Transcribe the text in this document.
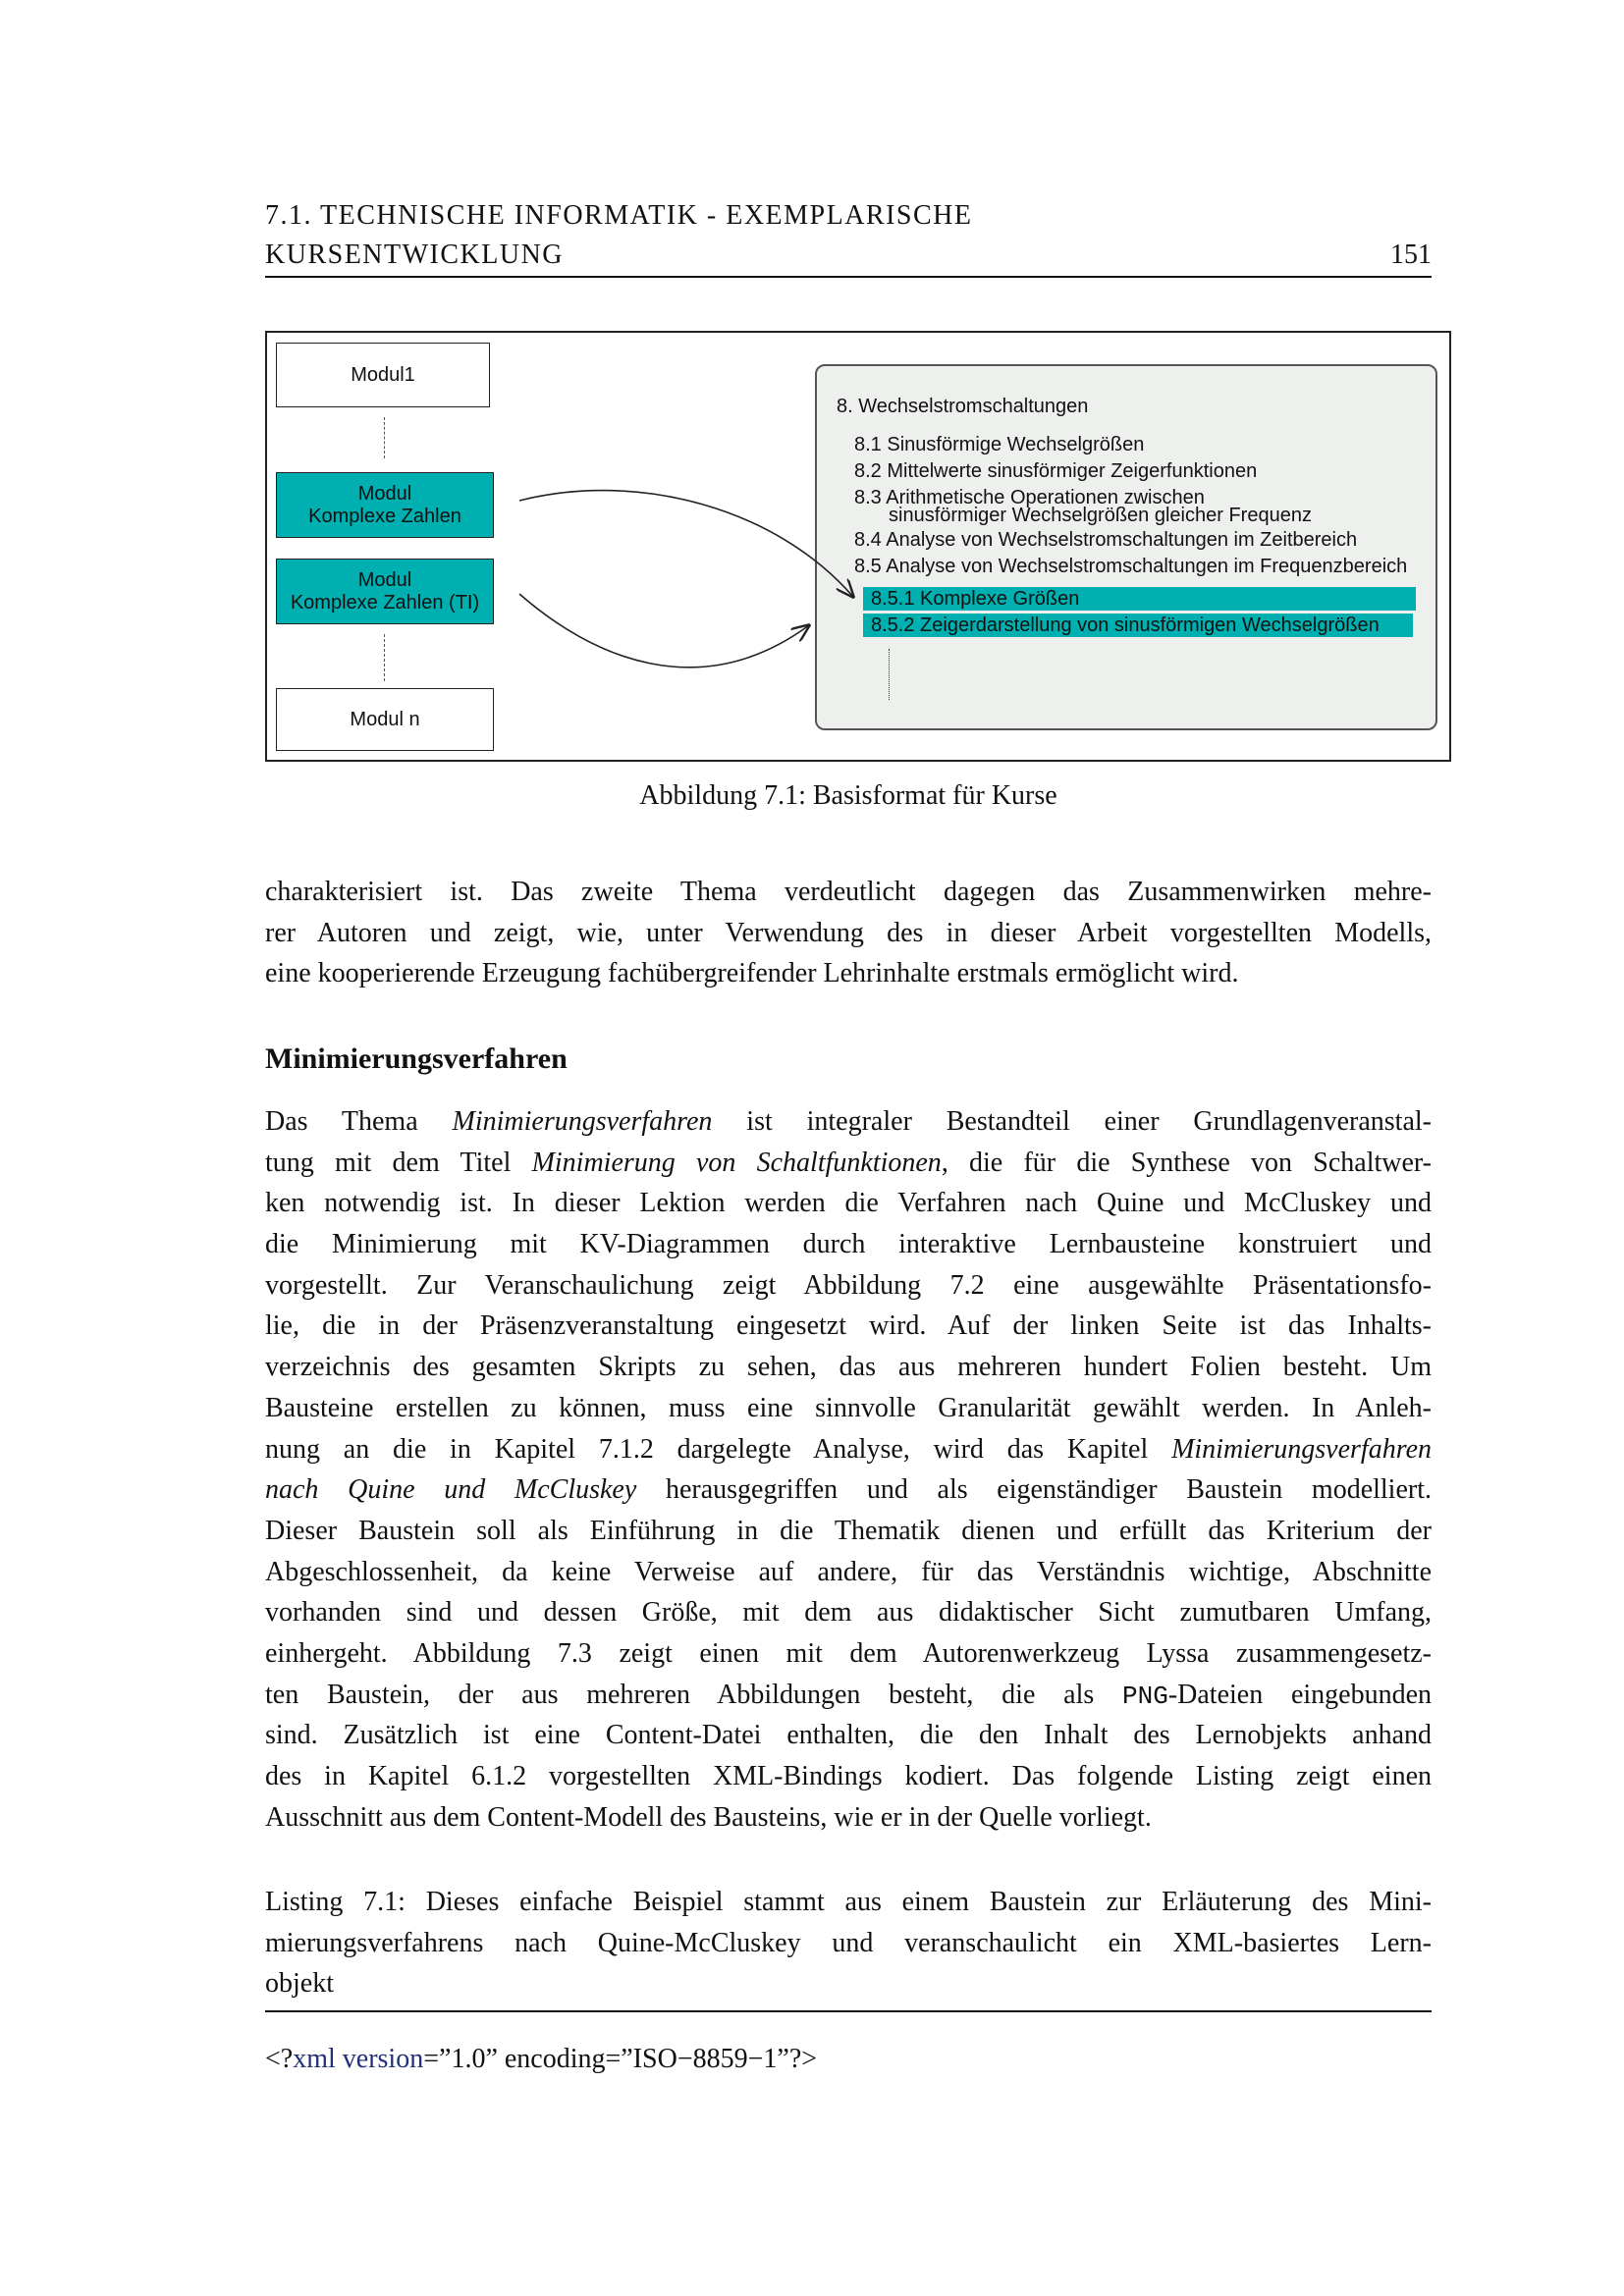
7.1. TECHNISCHE INFORMATIK - EXEMPLARISCHE
KURSENTWICKLUNG	151
Modul1
Modul
Komplexe Zahlen
Modul
Komplexe Zahlen (TI)
Modul n
8. Wechselstromschaltungen
8.1 Sinusförmige Wechselgrößen
8.2 Mittelwerte sinusförmiger Zeigerfunktionen
8.3 Arithmetische Operationen zwischen
sinusförmiger Wechselgrößen gleicher Frequenz
8.4 Analyse von Wechselstromschaltungen im Zeitbereich
8.5 Analyse von Wechselstromschaltungen im Frequenzbereich
8.5.1 Komplexe Größen
8.5.2 Zeigerdarstellung von sinusförmigen Wechselgrößen
Abbildung 7.1: Basisformat für Kurse
charakterisiert ist. Das zweite Thema verdeutlicht dagegen das Zusammenwirken mehre-
rer Autoren und zeigt, wie, unter Verwendung des in dieser Arbeit vorgestellten Modells,
eine kooperierende Erzeugung fachübergreifender Lehrinhalte erstmals ermöglicht wird.
Minimierungsverfahren
Das Thema Minimierungsverfahren ist integraler Bestandteil einer Grundlagenveranstal-
tung mit dem Titel Minimierung von Schaltfunktionen, die für die Synthese von Schaltwer-
ken notwendig ist. In dieser Lektion werden die Verfahren nach Quine und McCluskey und
die Minimierung mit KV-Diagrammen durch interaktive Lernbausteine konstruiert und
vorgestellt. Zur Veranschaulichung zeigt Abbildung 7.2 eine ausgewählte Präsentationsfo-
lie, die in der Präsenzveranstaltung eingesetzt wird. Auf der linken Seite ist das Inhalts-
verzeichnis des gesamten Skripts zu sehen, das aus mehreren hundert Folien besteht. Um
Bausteine erstellen zu können, muss eine sinnvolle Granularität gewählt werden. In Anleh-
nung an die in Kapitel 7.1.2 dargelegte Analyse, wird das Kapitel Minimierungsverfahren
nach Quine und McCluskey herausgegriffen und als eigenständiger Baustein modelliert.
Dieser Baustein soll als Einführung in die Thematik dienen und erfüllt das Kriterium der
Abgeschlossenheit, da keine Verweise auf andere, für das Verständnis wichtige, Abschnitte
vorhanden sind und dessen Größe, mit dem aus didaktischer Sicht zumutbaren Umfang,
einhergeht. Abbildung 7.3 zeigt einen mit dem Autorenwerkzeug Lyssa zusammengesetz-
ten Baustein, der aus mehreren Abbildungen besteht, die als PNG-Dateien eingebunden
sind. Zusätzlich ist eine Content-Datei enthalten, die den Inhalt des Lernobjekts anhand
des in Kapitel 6.1.2 vorgestellten XML-Bindings kodiert. Das folgende Listing zeigt einen
Ausschnitt aus dem Content-Modell des Bausteins, wie er in der Quelle vorliegt.
Listing 7.1: Dieses einfache Beispiel stammt aus einem Baustein zur Erläuterung des Mini-
mierungsverfahrens nach Quine-McCluskey und veranschaulicht ein XML-basiertes Lern-
objekt
<?xml version=”1.0” encoding=”ISO−8859−1”?>
